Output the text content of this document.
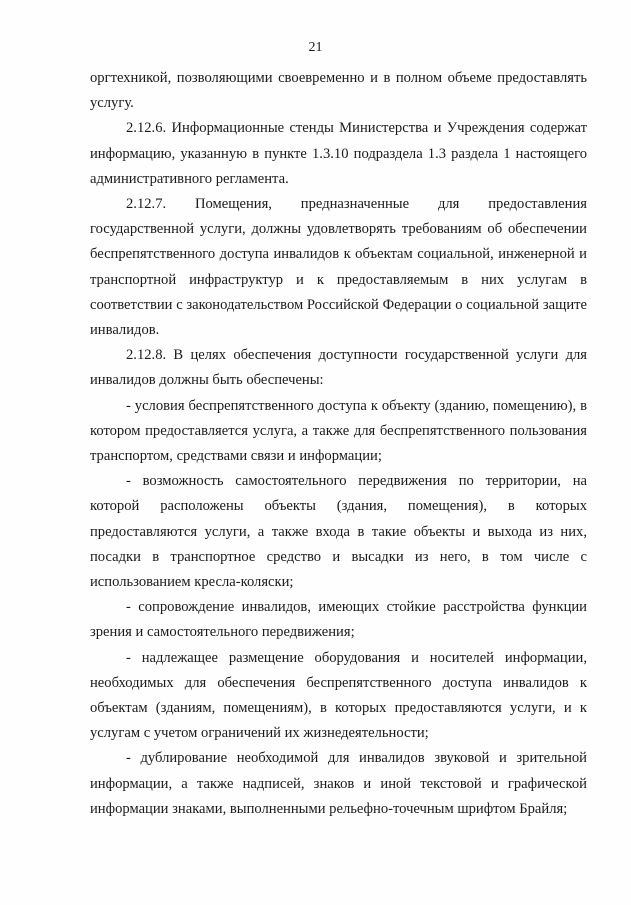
21

оргтехникой, позволяющими своевременно и в полном объеме предоставлять услугу.

2.12.6. Информационные стенды Министерства и Учреждения содержат информацию, указанную в пункте 1.3.10 подраздела 1.3 раздела 1 настоящего административного регламента.

2.12.7. Помещения, предназначенные для предоставления государственной услуги, должны удовлетворять требованиям об обеспечении беспрепятственного доступа инвалидов к объектам социальной, инженерной и транспортной инфраструктур и к предоставляемым в них услугам в соответствии с законодательством Российской Федерации о социальной защите инвалидов.

2.12.8. В целях обеспечения доступности государственной услуги для инвалидов должны быть обеспечены:

- условия беспрепятственного доступа к объекту (зданию, помещению), в котором предоставляется услуга, а также для беспрепятственного пользования транспортом, средствами связи и информации;

- возможность самостоятельного передвижения по территории, на которой расположены объекты (здания, помещения), в которых предоставляются услуги, а также входа в такие объекты и выхода из них, посадки в транспортное средство и высадки из него, в том числе с использованием кресла-коляски;

- сопровождение инвалидов, имеющих стойкие расстройства функции зрения и самостоятельного передвижения;

- надлежащее размещение оборудования и носителей информации, необходимых для обеспечения беспрепятственного доступа инвалидов к объектам (зданиям, помещениям), в которых предоставляются услуги, и к услугам с учетом ограничений их жизнедеятельности;

- дублирование необходимой для инвалидов звуковой и зрительной информации, а также надписей, знаков и иной текстовой и графической информации знаками, выполненными рельефно-точечным шрифтом Брайля;
